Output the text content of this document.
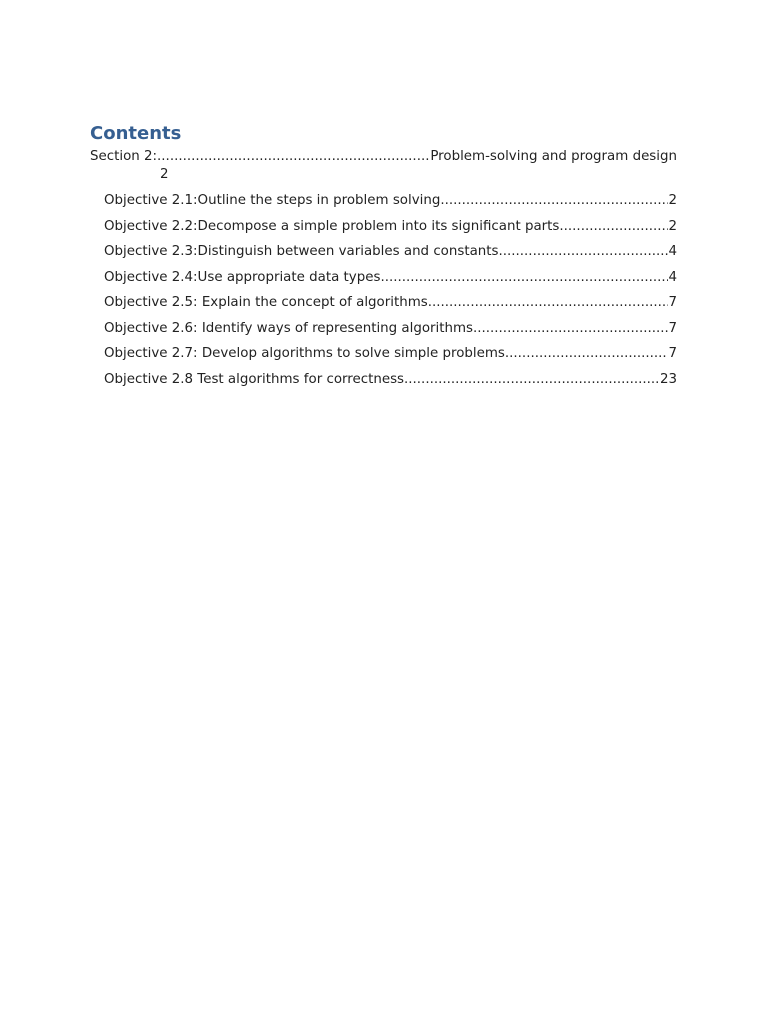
Contents
Section 2: .....	Problem-solving and program design
2
Objective 2.1:Outline the steps in problem solving .....	2
Objective 2.2:Decompose a simple problem into its significant parts .....	2
Objective 2.3:Distinguish between variables and constants .....	4
Objective 2.4:Use appropriate data types .....	4
Objective 2.5: Explain the concept of algorithms .....	7
Objective 2.6: Identify ways of representing algorithms .....	7
Objective 2.7: Develop algorithms to solve simple problems .....	7
Objective 2.8 Test algorithms for correctness .....	23
